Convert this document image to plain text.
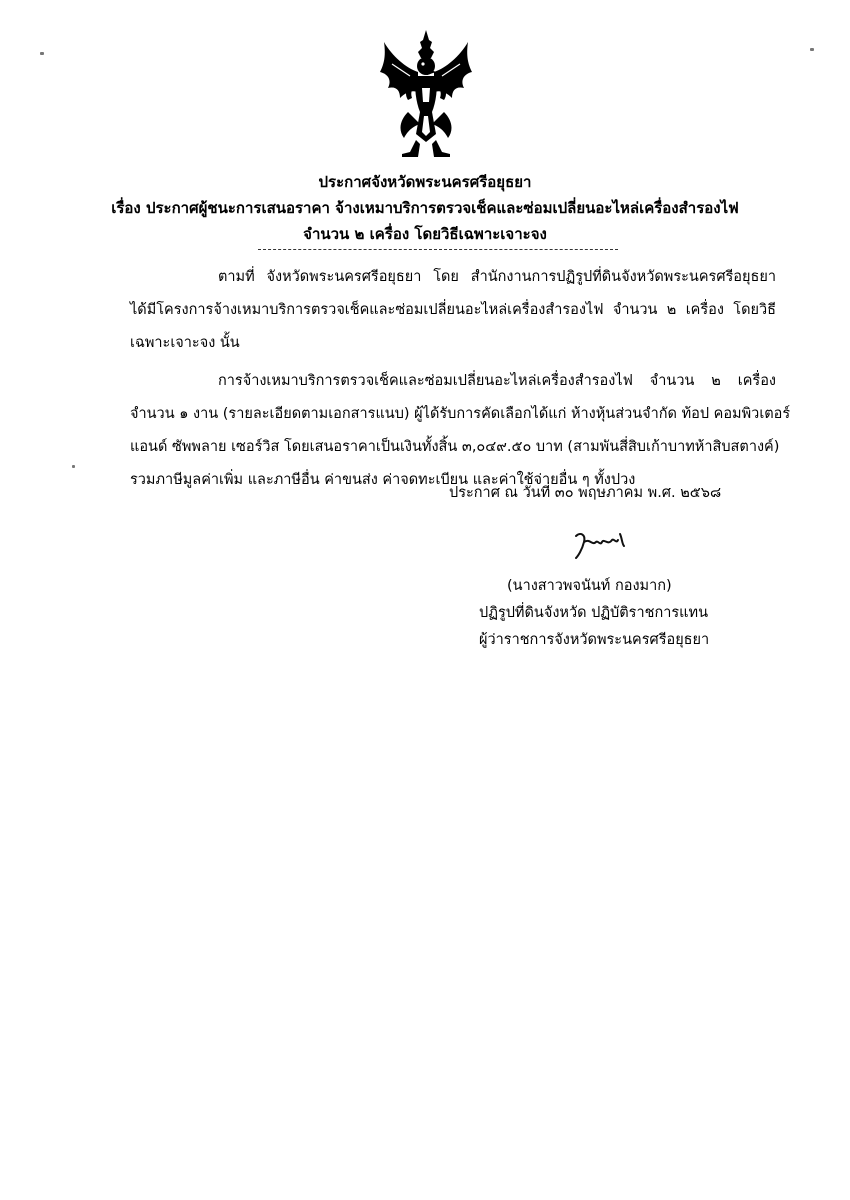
ประกาศจังหวัดพระนครศรีอยุธยา
เรื่อง ประกาศผู้ชนะการเสนอราคา จ้างเหมาบริการตรวจเช็คและซ่อมเปลี่ยนอะไหล่เครื่องสำรองไฟ
จำนวน ๒ เครื่อง โดยวิธีเฉพาะเจาะจง
ตามที่ จังหวัดพระนครศรีอยุธยา โดย สำนักงานการปฏิรูปที่ดินจังหวัดพระนครศรีอยุธยา
ได้มีโครงการจ้างเหมาบริการตรวจเช็คและซ่อมเปลี่ยนอะไหล่เครื่องสำรองไฟ จำนวน ๒ เครื่อง โดยวิธี
เฉพาะเจาะจง นั้น
การจ้างเหมาบริการตรวจเช็คและซ่อมเปลี่ยนอะไหล่เครื่องสำรองไฟ จำนวน ๒ เครื่อง
จำนวน ๑ งาน (รายละเอียดตามเอกสารแนบ) ผู้ได้รับการคัดเลือกได้แก่ ห้างหุ้นส่วนจำกัด ท้อป คอมพิวเตอร์
แอนด์ ซัพพลาย เซอร์วิส โดยเสนอราคาเป็นเงินทั้งสิ้น ๓,๐๔๙.๕๐ บาท (สามพันสี่สิบเก้าบาทห้าสิบสตางค์)
รวมภาษีมูลค่าเพิ่ม และภาษีอื่น ค่าขนส่ง ค่าจดทะเบียน และค่าใช้จ่ายอื่น ๆ ทั้งปวง
ประกาศ ณ วันที่ ๓๐ พฤษภาคม พ.ศ. ๒๕๖๘
(นางสาวพจนันท์ กองมาก)
ปฏิรูปที่ดินจังหวัด ปฏิบัติราชการแทน
ผู้ว่าราชการจังหวัดพระนครศรีอยุธยา
